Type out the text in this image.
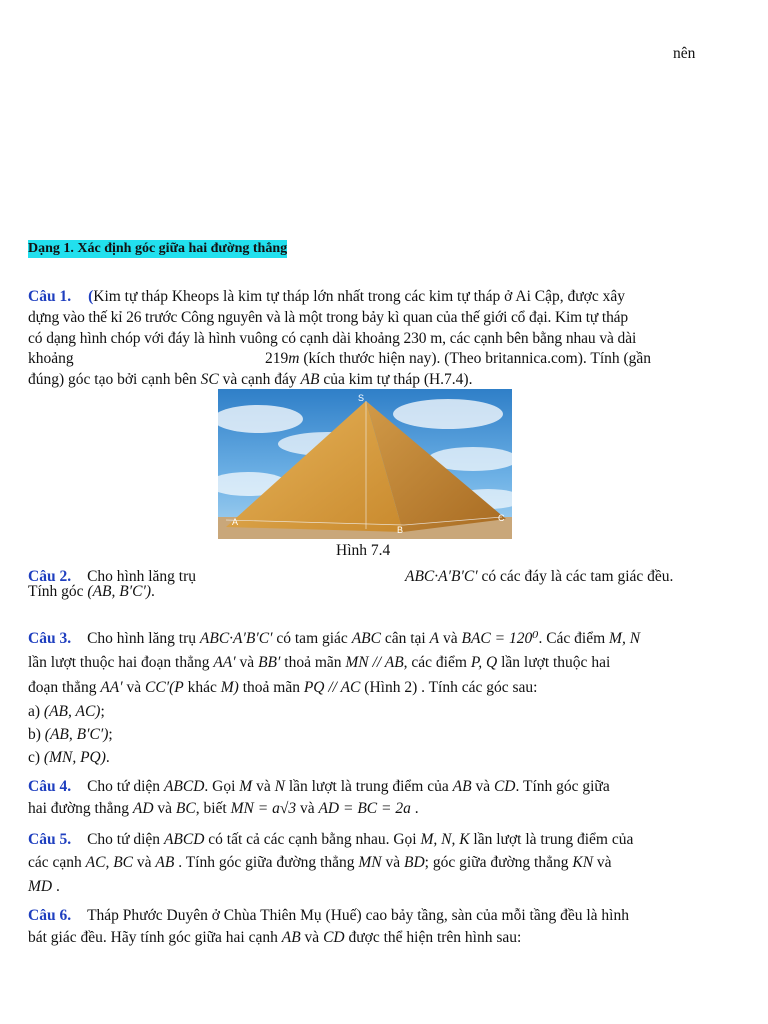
nên
Dạng 1. Xác định góc giữa hai đường thẳng
Câu 1. (Kim tự tháp Kheops là kim tự tháp lớn nhất trong các kim tự tháp ở Ai Cập, được xây
dựng vào thế kỉ 26 trước Công nguyên và là một trong bảy kì quan của thế giới cổ đại. Kim tự tháp
có dạng hình chóp với đáy là hình vuông có cạnh dài khoảng 230 m, các cạnh bên bằng nhau và dài
khoảng	219m (kích thước hiện nay). (Theo britannica.com). Tính (gần
đúng) góc tạo bởi cạnh bên SC và cạnh đáy AB của kim tự tháp (H.7.4).
S
A
B
C
Hình 7.4
Câu 2. Cho hình lăng trụ	ABC·A′B′C′ có các đáy là các tam giác đều.
Tính góc (AB, B′C′).
Câu 3. Cho hình lăng trụ ABC·A′B′C′ có tam giác ABC cân tại A và BAC = 120⁰. Các điểm M, N
lần lượt thuộc hai đoạn thẳng AA′ và BB′ thoả mãn MN // AB, các điểm P, Q lần lượt thuộc hai
đoạn thẳng AA′ và CC′(P khác M) thoả mãn PQ // AC (Hình 2) . Tính các góc sau:
a) (AB, AC);
b) (AB, B′C′);
c) (MN, PQ).
Câu 4. Cho tứ diện ABCD. Gọi M và N lần lượt là trung điểm của AB và CD. Tính góc giữa
hai đường thẳng AD và BC, biết MN = a√3 và AD = BC = 2a .
Câu 5. Cho tứ diện ABCD có tất cả các cạnh bằng nhau. Gọi M, N, K lần lượt là trung điểm của
các cạnh AC, BC và AB . Tính góc giữa đường thẳng MN và BD; góc giữa đường thẳng KN và
MD .
Câu 6. Tháp Phước Duyên ở Chùa Thiên Mụ (Huế) cao bảy tầng, sàn của mỗi tầng đều là hình
bát giác đều. Hãy tính góc giữa hai cạnh AB và CD được thể hiện trên hình sau:
